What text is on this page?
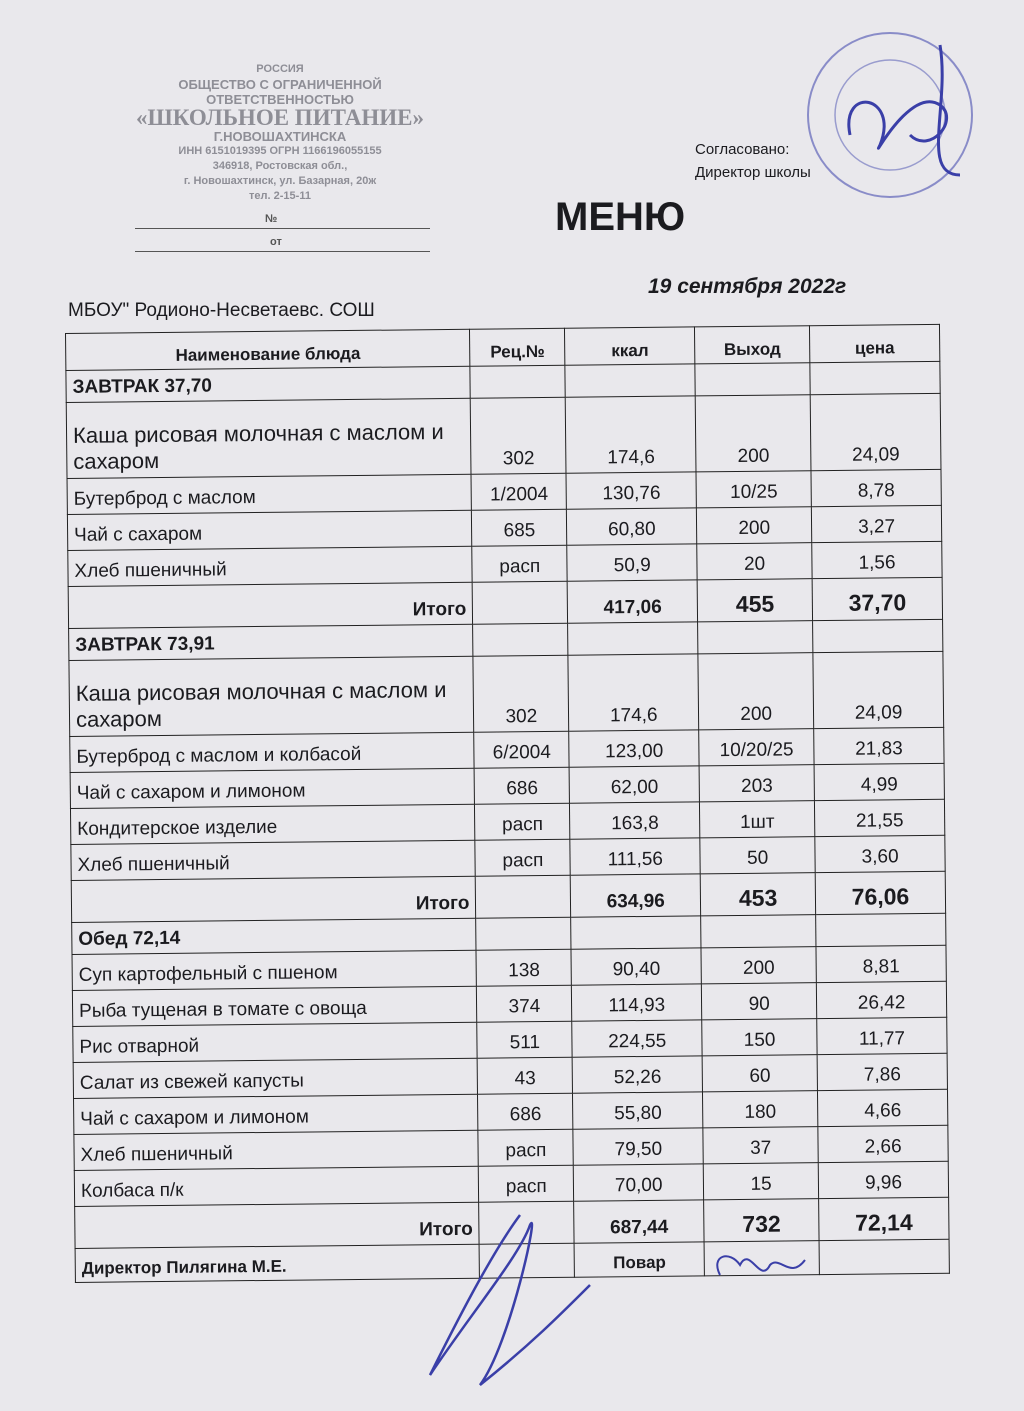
РОССИЯ
ОБЩЕСТВО С ОГРАНИЧЕННОЙ
ОТВЕТСТВЕННОСТЬЮ
«ШКОЛЬНОЕ ПИТАНИЕ»
Г.НОВОШАХТИНСКА
ИНН 6151019395 ОГРН 1166196055155
346918, Ростовская обл.,
г. Новошахтинск, ул. Базарная, 20ж
тел. 2-15-11
№
от
Согласовано:
Директор школы
МЕНЮ
19 сентября 2022г
МБОУ" Родионо-Несветаевс. СОШ
Наименование блюда	Рец.№	ккал	Выход	цена
ЗАВТРАК 37,70				
Каша рисовая молочная с маслом и сахаром	302	174,6	200	24,09
Бутерброд с маслом	1/2004	130,76	10/25	8,78
Чай с сахаром	685	60,80	200	3,27
Хлеб пшеничный	расп	50,9	20	1,56
Итого		417,06	455	37,70
ЗАВТРАК 73,91				
Каша рисовая молочная с маслом и сахаром	302	174,6	200	24,09
Бутерброд с маслом и колбасой	6/2004	123,00	10/20/25	21,83
Чай с сахаром и лимоном	686	62,00	203	4,99
Кондитерское изделие	расп	163,8	1шт	21,55
Хлеб пшеничный	расп	111,56	50	3,60
Итого		634,96	453	76,06
Обед 72,14				
Суп картофельный с пшеном	138	90,40	200	8,81
Рыба тущеная в томате с овоща	374	114,93	90	26,42
Рис отварной	511	224,55	150	11,77
Салат из свежей капусты	43	52,26	60	7,86
Чай с сахаром и лимоном	686	55,80	180	4,66
Хлеб пшеничный	расп	79,50	37	2,66
Колбаса п/к	расп	70,00	15	9,96
Итого		687,44	732	72,14
Директор Пилягина М.Е.		Повар		
